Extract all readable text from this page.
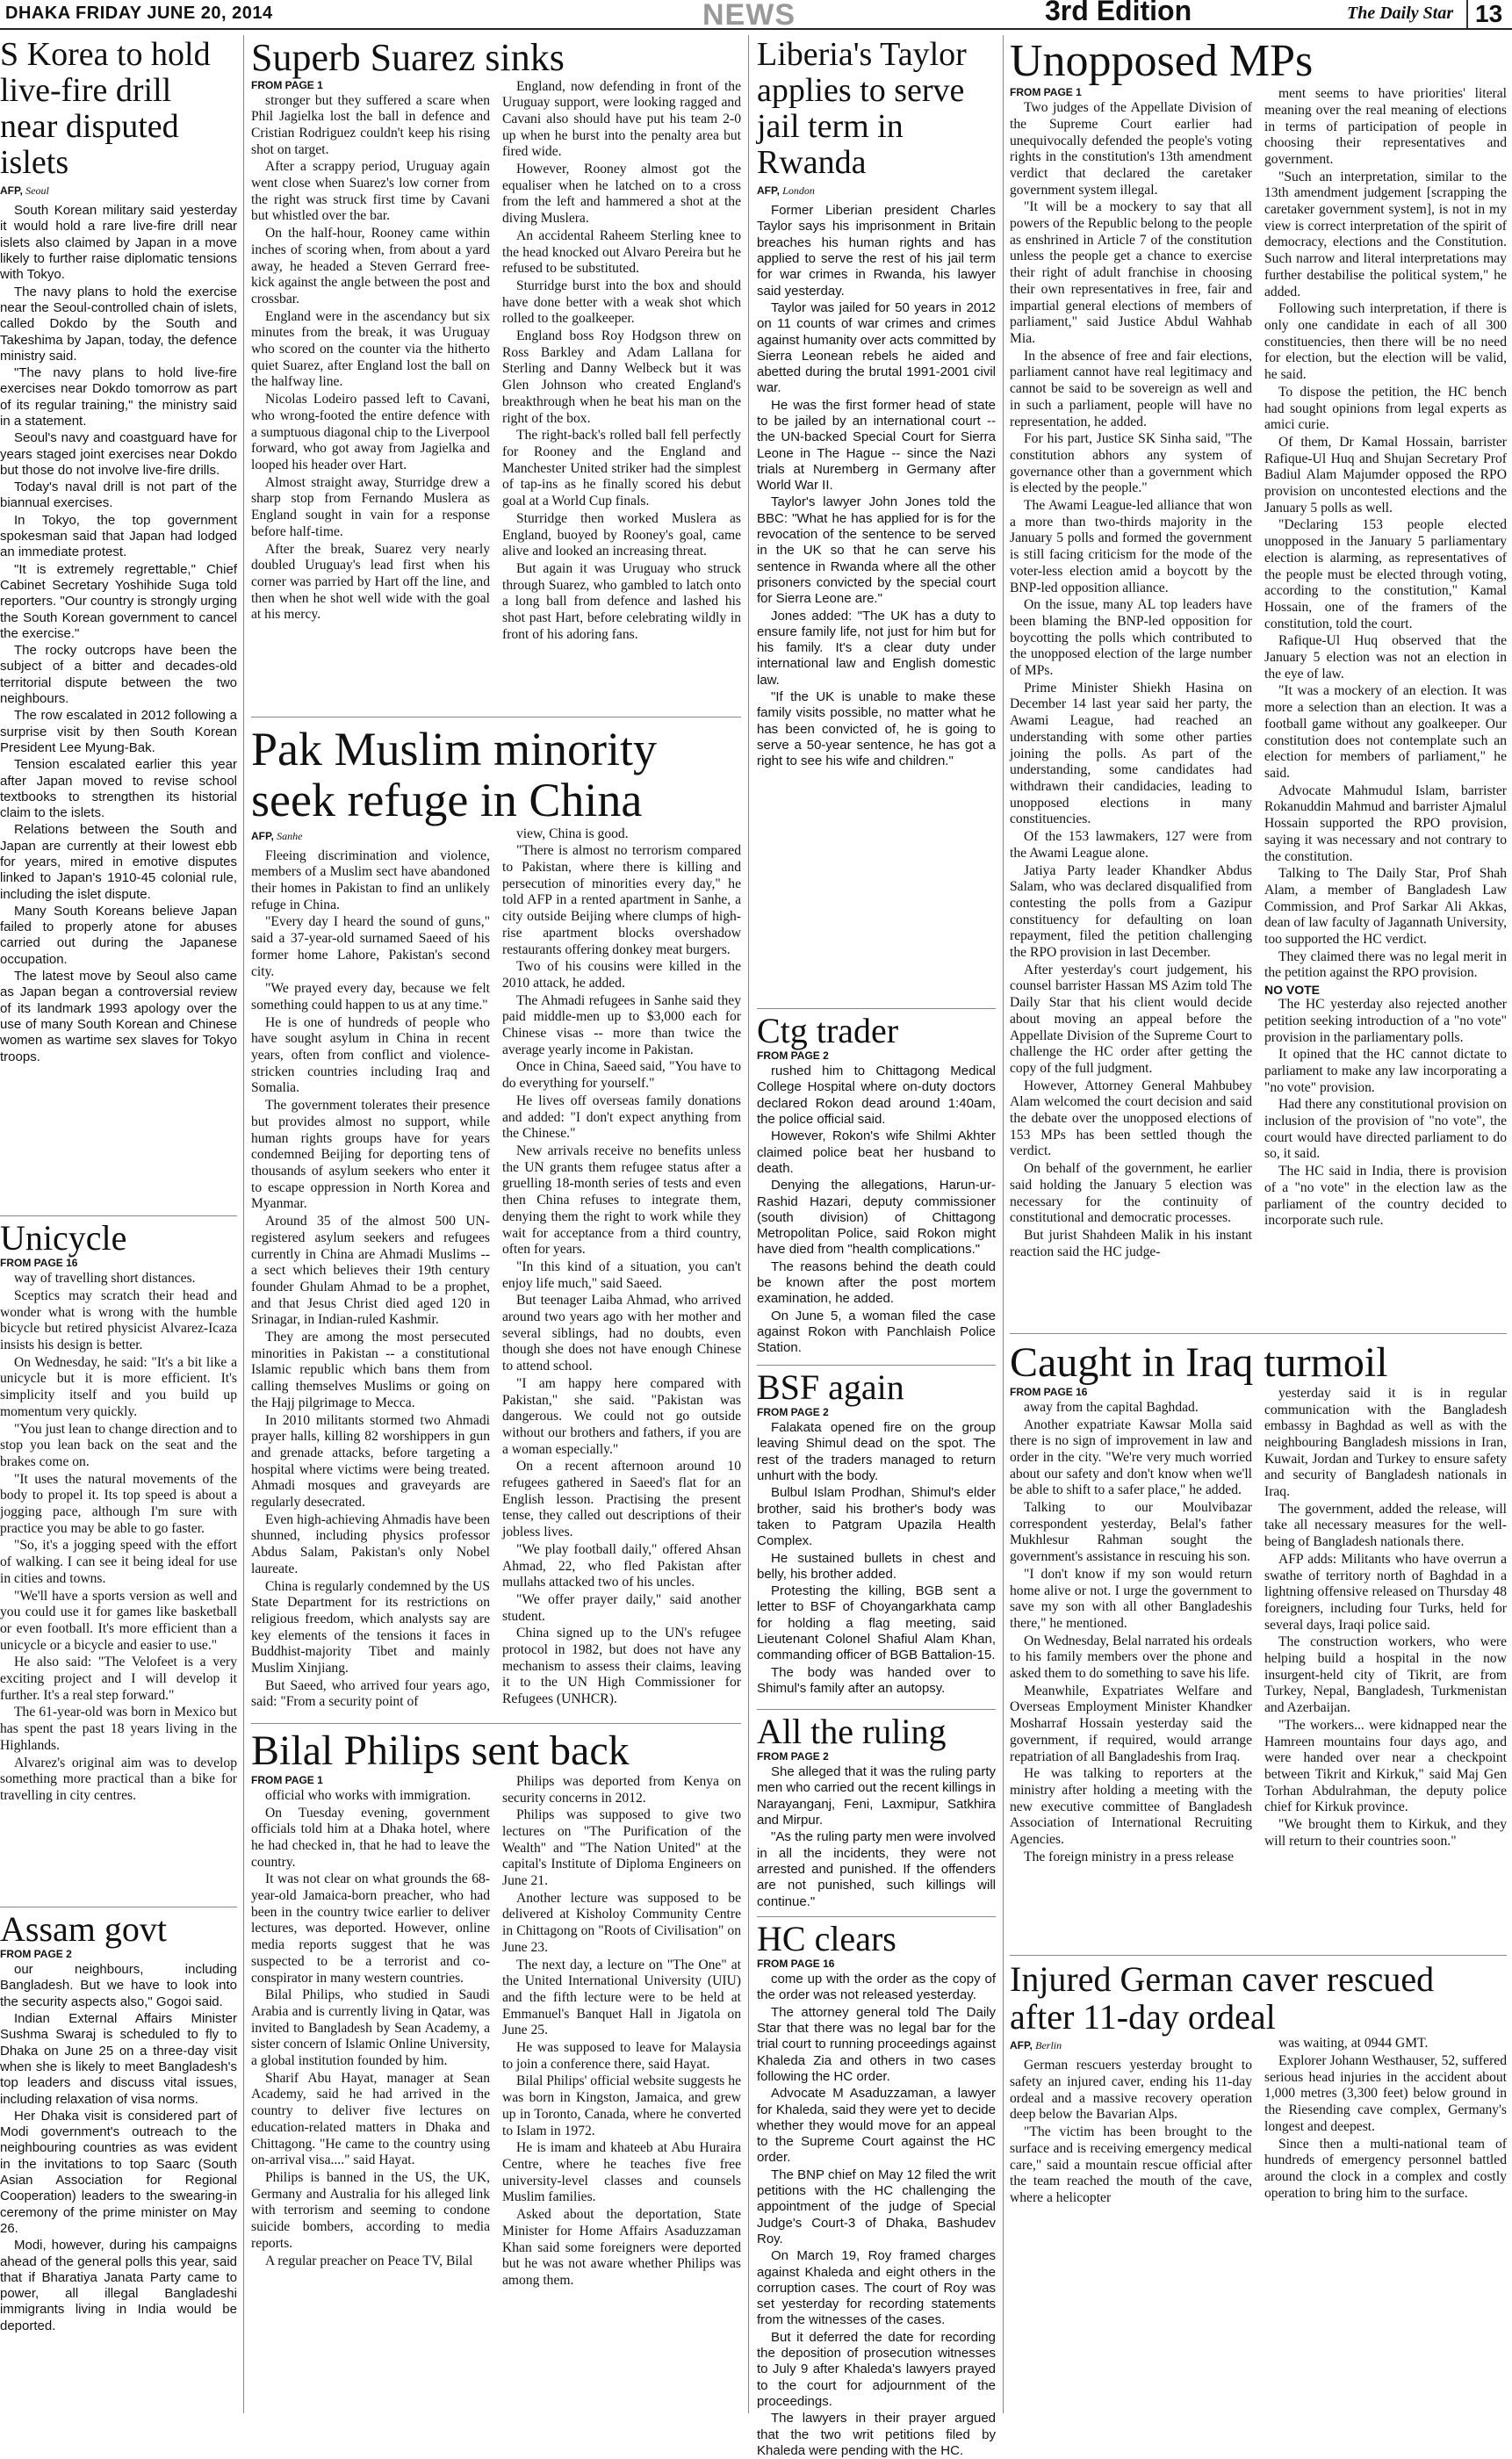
DHAKA FRIDAY JUNE 20, 2014	NEWS	3rd Edition	The Daily Star 13
S Korea to hold live-fire drill near disputed islets
AFP, Seoul

South Korean military said yesterday it would hold a rare live-fire drill near islets also claimed by Japan in a move likely to further raise diplomatic tensions with Tokyo.

The navy plans to hold the exercise near the Seoul-controlled chain of islets, called Dokdo by the South and Takeshima by Japan, today, the defence ministry said.

"The navy plans to hold live-fire exercises near Dokdo tomorrow as part of its regular training," the ministry said in a statement.

Seoul's navy and coastguard have for years staged joint exercises near Dokdo but those do not involve live-fire drills.

Today's naval drill is not part of the biannual exercises.

In Tokyo, the top government spokesman said that Japan had lodged an immediate protest.

"It is extremely regrettable," Chief Cabinet Secretary Yoshihide Suga told reporters. "Our country is strongly urging the South Korean government to cancel the exercise."

The rocky outcrops have been the subject of a bitter and decades-old territorial dispute between the two neighbours.

The row escalated in 2012 following a surprise visit by then South Korean President Lee Myung-Bak.

Tension escalated earlier this year after Japan moved to revise school textbooks to strengthen its historial claim to the islets.

Relations between the South and Japan are currently at their lowest ebb for years, mired in emotive disputes linked to Japan's 1910-45 colonial rule, including the islet dispute.

Many South Koreans believe Japan failed to properly atone for abuses carried out during the Japanese occupation.

The latest move by Seoul also came as Japan began a controversial review of its landmark 1993 apology over the use of many South Korean and Chinese women as wartime sex slaves for Tokyo troops.

Unicycle
FROM PAGE 16

way of travelling short distances.

Sceptics may scratch their head and wonder what is wrong with the humble bicycle but retired physicist Alvarez-Icaza insists his design is better.

On Wednesday, he said: "It's a bit like a unicycle but it is more efficient. It's simplicity itself and you build up momentum very quickly.

"You just lean to change direction and to stop you lean back on the seat and the brakes come on.

"It uses the natural movements of the body to propel it. Its top speed is about a jogging pace, although I'm sure with practice you may be able to go faster.

"So, it's a jogging speed with the effort of walking. I can see it being ideal for use in cities and towns.

"We'll have a sports version as well and you could use it for games like basketball or even football. It's more efficient than a unicycle or a bicycle and easier to use."

He also said: "The Velofeet is a very exciting project and I will develop it further. It's a real step forward."

The 61-year-old was born in Mexico but has spent the past 18 years living in the Highlands.

Alvarez's original aim was to develop something more practical than a bike for travelling in city centres.

Assam govt
FROM PAGE 2

our neighbours, including Bangladesh. But we have to look into the security aspects also," Gogoi said.

Indian External Affairs Minister Sushma Swaraj is scheduled to fly to Dhaka on June 25 on a three-day visit when she is likely to meet Bangladesh's top leaders and discuss vital issues, including relaxation of visa norms.

Her Dhaka visit is considered part of Modi government's outreach to the neighbouring countries as was evident in the invitations to top Saarc (South Asian Association for Regional Cooperation) leaders to the swearing-in ceremony of the prime minister on May 26.

Modi, however, during his campaigns ahead of the general polls this year, said that if Bharatiya Janata Party came to power, all illegal Bangladeshi immigrants living in India would be deported.

Superb Suarez sinks
FROM PAGE 1

stronger but they suffered a scare when Phil Jagielka lost the ball in defence and Cristian Rodriguez couldn't keep his rising shot on target.

After a scrappy period, Uruguay again went close when Suarez's low corner from the right was struck first time by Cavani but whistled over the bar.

On the half-hour, Rooney came within inches of scoring when, from about a yard away, he headed a Steven Gerrard free-kick against the angle between the post and crossbar.

England were in the ascendancy but six minutes from the break, it was Uruguay who scored on the counter via the hitherto quiet Suarez, after England lost the ball on the halfway line.

Nicolas Lodeiro passed left to Cavani, who wrong-footed the entire defence with a sumptuous diagonal chip to the Liverpool forward, who got away from Jagielka and looped his header over Hart.

Almost straight away, Sturridge drew a sharp stop from Fernando Muslera as England sought in vain for a response before half-time.

After the break, Suarez very nearly doubled Uruguay's lead first when his corner was parried by Hart off the line, and then when he shot well wide with the goal at his mercy.

England, now defending in front of the Uruguay support, were looking ragged and Cavani also should have put his team 2-0 up when he burst into the penalty area but fired wide.

However, Rooney almost got the equaliser when he latched on to a cross from the left and hammered a shot at the diving Muslera.

An accidental Raheem Sterling knee to the head knocked out Alvaro Pereira but he refused to be substituted.

Sturridge burst into the box and should have done better with a weak shot which rolled to the goalkeeper.

England boss Roy Hodgson threw on Ross Barkley and Adam Lallana for Sterling and Danny Welbeck but it was Glen Johnson who created England's breakthrough when he beat his man on the right of the box.

The right-back's rolled ball fell perfectly for Rooney and the England and Manchester United striker had the simplest of tap-ins as he finally scored his debut goal at a World Cup finals.

Sturridge then worked Muslera as England, buoyed by Rooney's goal, came alive and looked an increasing threat.

But again it was Uruguay who struck through Suarez, who gambled to latch onto a long ball from defence and lashed his shot past Hart, before celebrating wildly in front of his adoring fans.

Pak Muslim minority seek refuge in China
AFP, Sanhe

Fleeing discrimination and violence, members of a Muslim sect have abandoned their homes in Pakistan to find an unlikely refuge in China.

"Every day I heard the sound of guns," said a 37-year-old surnamed Saeed of his former home Lahore, Pakistan's second city.

"We prayed every day, because we felt something could happen to us at any time."

He is one of hundreds of people who have sought asylum in China in recent years, often from conflict and violence-stricken countries including Iraq and Somalia.

The government tolerates their presence but provides almost no support, while human rights groups have for years condemned Beijing for deporting tens of thousands of asylum seekers who enter it to escape oppression in North Korea and Myanmar.

Around 35 of the almost 500 UN-registered asylum seekers and refugees currently in China are Ahmadi Muslims -- a sect which believes their 19th century founder Ghulam Ahmad to be a prophet, and that Jesus Christ died aged 120 in Srinagar, in Indian-ruled Kashmir.

They are among the most persecuted minorities in Pakistan -- a constitutional Islamic republic which bans them from calling themselves Muslims or going on the Hajj pilgrimage to Mecca.

In 2010 militants stormed two Ahmadi prayer halls, killing 82 worshippers in gun and grenade attacks, before targeting a hospital where victims were being treated. Ahmadi mosques and graveyards are regularly desecrated.

Even high-achieving Ahmadis have been shunned, including physics professor Abdus Salam, Pakistan's only Nobel laureate.

China is regularly condemned by the US State Department for its restrictions on religious freedom, which analysts say are key elements of the tensions it faces in Buddhist-majority Tibet and mainly Muslim Xinjiang.

But Saeed, who arrived four years ago, said: "From a security point of

view, China is good.

"There is almost no terrorism compared to Pakistan, where there is killing and persecution of minorities every day," he told AFP in a rented apartment in Sanhe, a city outside Beijing where clumps of high-rise apartment blocks overshadow restaurants offering donkey meat burgers.

Two of his cousins were killed in the 2010 attack, he added.

The Ahmadi refugees in Sanhe said they paid middle-men up to $3,000 each for Chinese visas -- more than twice the average yearly income in Pakistan.

Once in China, Saeed said, "You have to do everything for yourself."

He lives off overseas family donations and added: "I don't expect anything from the Chinese."

New arrivals receive no benefits unless the UN grants them refugee status after a gruelling 18-month series of tests and even then China refuses to integrate them, denying them the right to work while they wait for acceptance from a third country, often for years.

"In this kind of a situation, you can't enjoy life much," said Saeed.

But teenager Laiba Ahmad, who arrived around two years ago with her mother and several siblings, had no doubts, even though she does not have enough Chinese to attend school.

"I am happy here compared with Pakistan," she said. "Pakistan was dangerous. We could not go outside without our brothers and fathers, if you are a woman especially."

On a recent afternoon around 10 refugees gathered in Saeed's flat for an English lesson. Practising the present tense, they called out descriptions of their jobless lives.

"We play football daily," offered Ahsan Ahmad, 22, who fled Pakistan after mullahs attacked two of his uncles.

"We offer prayer daily," said another student.

China signed up to the UN's refugee protocol in 1982, but does not have any mechanism to assess their claims, leaving it to the UN High Commissioner for Refugees (UNHCR).

Bilal Philips sent back
FROM PAGE 1

official who works with immigration.

On Tuesday evening, government officials told him at a Dhaka hotel, where he had checked in, that he had to leave the country.

It was not clear on what grounds the 68-year-old Jamaica-born preacher, who had been in the country twice earlier to deliver lectures, was deported. However, online media reports suggest that he was suspected to be a terrorist and co-conspirator in many western countries.

Bilal Philips, who studied in Saudi Arabia and is currently living in Qatar, was invited to Bangladesh by Sean Academy, a sister concern of Islamic Online University, a global institution founded by him.

Sharif Abu Hayat, manager at Sean Academy, said he had arrived in the country to deliver five lectures on education-related matters in Dhaka and Chittagong. "He came to the country using on-arrival visa...." said Hayat.

Philips is banned in the US, the UK, Germany and Australia for his alleged link with terrorism and seeming to condone suicide bombers, according to media reports.

A regular preacher on Peace TV, Bilal

Philips was deported from Kenya on security concerns in 2012.

Philips was supposed to give two lectures on "The Purification of the Wealth" and "The Nation United" at the capital's Institute of Diploma Engineers on June 21.

Another lecture was supposed to be delivered at Kisholoy Community Centre in Chittagong on "Roots of Civilisation" on June 23.

The next day, a lecture on "The One" at the United International University (UIU) and the fifth lecture were to be held at Emmanuel's Banquet Hall in Jigatola on June 25.

He was supposed to leave for Malaysia to join a conference there, said Hayat.

Bilal Philips' official website suggests he was born in Kingston, Jamaica, and grew up in Toronto, Canada, where he converted to Islam in 1972.

He is imam and khateeb at Abu Huraira Centre, where he teaches five free university-level classes and counsels Muslim families.

Asked about the deportation, State Minister for Home Affairs Asaduzzaman Khan said some foreigners were deported but he was not aware whether Philips was among them.

Liberia's Taylor applies to serve jail term in Rwanda
AFP, London

Former Liberian president Charles Taylor says his imprisonment in Britain breaches his human rights and has applied to serve the rest of his jail term for war crimes in Rwanda, his lawyer said yesterday.

Taylor was jailed for 50 years in 2012 on 11 counts of war crimes and crimes against humanity over acts committed by Sierra Leonean rebels he aided and abetted during the brutal 1991-2001 civil war.

He was the first former head of state to be jailed by an international court -- the UN-backed Special Court for Sierra Leone in The Hague -- since the Nazi trials at Nuremberg in Germany after World War II.

Taylor's lawyer John Jones told the BBC: "What he has applied for is for the revocation of the sentence to be served in the UK so that he can serve his sentence in Rwanda where all the other prisoners convicted by the special court for Sierra Leone are."

Jones added: "The UK has a duty to ensure family life, not just for him but for his family. It's a clear duty under international law and English domestic law.

"If the UK is unable to make these family visits possible, no matter what he has been convicted of, he is going to serve a 50-year sentence, he has got a right to see his wife and children."

Ctg trader
FROM PAGE 2

rushed him to Chittagong Medical College Hospital where on-duty doctors declared Rokon dead around 1:40am, the police official said.

However, Rokon's wife Shilmi Akhter claimed police beat her husband to death.

Denying the allegations, Harun-ur-Rashid Hazari, deputy commissioner (south division) of Chittagong Metropolitan Police, said Rokon might have died from "health complications."

The reasons behind the death could be known after the post mortem examination, he added.

On June 5, a woman filed the case against Rokon with Panchlaish Police Station.

BSF again
FROM PAGE 2

Falakata opened fire on the group leaving Shimul dead on the spot. The rest of the traders managed to return unhurt with the body.

Bulbul Islam Prodhan, Shimul's elder brother, said his brother's body was taken to Patgram Upazila Health Complex.

He sustained bullets in chest and belly, his brother added.

Protesting the killing, BGB sent a letter to BSF of Choyangarkhata camp for holding a flag meeting, said Lieutenant Colonel Shafiul Alam Khan, commanding officer of BGB Battalion-15.

The body was handed over to Shimul's family after an autopsy.

All the ruling
FROM PAGE 2

She alleged that it was the ruling party men who carried out the recent killings in Narayanganj, Feni, Laxmipur, Satkhira and Mirpur.

"As the ruling party men were involved in all the incidents, they were not arrested and punished. If the offenders are not punished, such killings will continue."

HC clears
FROM PAGE 16

come up with the order as the copy of the order was not released yesterday.

The attorney general told The Daily Star that there was no legal bar for the trial court to running proceedings against Khaleda Zia and others in two cases following the HC order.

Advocate M Asaduzzaman, a lawyer for Khaleda, said they were yet to decide whether they would move for an appeal to the Supreme Court against the HC order.

The BNP chief on May 12 filed the writ petitions with the HC challenging the appointment of the judge of Special Judge's Court-3 of Dhaka, Bashudev Roy.

On March 19, Roy framed charges against Khaleda and eight others in the corruption cases. The court of Roy was set yesterday for recording statements from the witnesses of the cases.

But it deferred the date for recording the deposition of prosecution witnesses to July 9 after Khaleda's lawyers prayed to the court for adjournment of the proceedings.

The lawyers in their prayer argued that the two writ petitions filed by Khaleda were pending with the HC.

Unopposed MPs
FROM PAGE 1

Two judges of the Appellate Division of the Supreme Court earlier had unequivocally defended the people's voting rights in the constitution's 13th amendment verdict that declared the caretaker government system illegal.

"It will be a mockery to say that all powers of the Republic belong to the people as enshrined in Article 7 of the constitution unless the people get a chance to exercise their right of adult franchise in choosing their own representatives in free, fair and impartial general elections of members of parliament," said Justice Abdul Wahhab Mia.

In the absence of free and fair elections, parliament cannot have real legitimacy and cannot be said to be sovereign as well and in such a parliament, people will have no representation, he added.

For his part, Justice SK Sinha said, "The constitution abhors any system of governance other than a government which is elected by the people."

The Awami League-led alliance that won a more than two-thirds majority in the January 5 polls and formed the government is still facing criticism for the mode of the voter-less election amid a boycott by the BNP-led opposition alliance.

On the issue, many AL top leaders have been blaming the BNP-led opposition for boycotting the polls which contributed to the unopposed election of the large number of MPs.

Prime Minister Shiekh Hasina on December 14 last year said her party, the Awami League, had reached an understanding with some other parties joining the polls. As part of the understanding, some candidates had withdrawn their candidacies, leading to unopposed elections in many constituencies.

Of the 153 lawmakers, 127 were from the Awami League alone.

Jatiya Party leader Khandker Abdus Salam, who was declared disqualified from contesting the polls from a Gazipur constituency for defaulting on loan repayment, filed the petition challenging the RPO provision in last December.

After yesterday's court judgement, his counsel barrister Hassan MS Azim told The Daily Star that his client would decide about moving an appeal before the Appellate Division of the Supreme Court to challenge the HC order after getting the copy of the full judgment.

However, Attorney General Mahbubey Alam welcomed the court decision and said the debate over the unopposed elections of 153 MPs has been settled though the verdict.

On behalf of the government, he earlier said holding the January 5 election was necessary for the continuity of constitutional and democratic processes.

But jurist Shahdeen Malik in his instant reaction said the HC judge-

ment seems to have priorities' literal meaning over the real meaning of elections in terms of participation of people in choosing their representatives and government.

"Such an interpretation, similar to the 13th amendment judgement [scrapping the caretaker government system], is not in my view is correct interpretation of the spirit of democracy, elections and the Constitution. Such narrow and literal interpretations may further destabilise the political system," he added.

Following such interpretation, if there is only one candidate in each of all 300 constituencies, then there will be no need for election, but the election will be valid, he said.

To dispose the petition, the HC bench had sought opinions from legal experts as amici curie.

Of them, Dr Kamal Hossain, barrister Rafique-Ul Huq and Shujan Secretary Prof Badiul Alam Majumder opposed the RPO provision on uncontested elections and the January 5 polls as well.

"Declaring 153 people elected unopposed in the January 5 parliamentary election is alarming, as representatives of the people must be elected through voting, according to the constitution," Kamal Hossain, one of the framers of the constitution, told the court.

Rafique-Ul Huq observed that the January 5 election was not an election in the eye of law.

"It was a mockery of an election. It was more a selection than an election. It was a football game without any goalkeeper. Our constitution does not contemplate such an election for members of parliament," he said.

Advocate Mahmudul Islam, barrister Rokanuddin Mahmud and barrister Ajmalul Hossain supported the RPO provision, saying it was necessary and not contrary to the constitution.

Talking to The Daily Star, Prof Shah Alam, a member of Bangladesh Law Commission, and Prof Sarkar Ali Akkas, dean of law faculty of Jagannath University, too supported the HC verdict.

They claimed there was no legal merit in the petition against the RPO provision.

NO VOTE

The HC yesterday also rejected another petition seeking introduction of a "no vote" provision in the parliamentary polls.

It opined that the HC cannot dictate to parliament to make any law incorporating a "no vote" provision.

Had there any constitutional provision on inclusion of the provision of "no vote", the court would have directed parliament to do so, it said.

The HC said in India, there is provision of a "no vote" in the election law as the parliament of the country decided to incorporate such rule.

Caught in Iraq turmoil
FROM PAGE 16

away from the capital Baghdad.

Another expatriate Kawsar Molla said there is no sign of improvement in law and order in the city. "We're very much worried about our safety and don't know when we'll be able to shift to a safer place," he added.

Talking to our Moulvibazar correspondent yesterday, Belal's father Mukhlesur Rahman sought the government's assistance in rescuing his son.

"I don't know if my son would return home alive or not. I urge the government to save my son with all other Bangladeshis there," he mentioned.

On Wednesday, Belal narrated his ordeals to his family members over the phone and asked them to do something to save his life.

Meanwhile, Expatriates Welfare and Overseas Employment Minister Khandker Mosharraf Hossain yesterday said the government, if required, would arrange repatriation of all Bangladeshis from Iraq.

He was talking to reporters at the ministry after holding a meeting with the new executive committee of Bangladesh Association of International Recruiting Agencies.

The foreign ministry in a press release

yesterday said it is in regular communication with the Bangladesh embassy in Baghdad as well as with the neighbouring Bangladesh missions in Iran, Kuwait, Jordan and Turkey to ensure safety and security of Bangladesh nationals in Iraq.

The government, added the release, will take all necessary measures for the well-being of Bangladesh nationals there.

AFP adds: Militants who have overrun a swathe of territory north of Baghdad in a lightning offensive released on Thursday 48 foreigners, including four Turks, held for several days, Iraqi police said.

The construction workers, who were helping build a hospital in the now insurgent-held city of Tikrit, are from Turkey, Nepal, Bangladesh, Turkmenistan and Azerbaijan.

"The workers... were kidnapped near the Hamreen mountains four days ago, and were handed over near a checkpoint between Tikrit and Kirkuk," said Maj Gen Torhan Abdulrahman, the deputy police chief for Kirkuk province.

"We brought them to Kirkuk, and they will return to their countries soon."

Injured German caver rescued after 11-day ordeal
AFP, Berlin

German rescuers yesterday brought to safety an injured caver, ending his 11-day ordeal and a massive recovery operation deep below the Bavarian Alps.

"The victim has been brought to the surface and is receiving emergency medical care," said a mountain rescue official after the team reached the mouth of the cave, where a helicopter

was waiting, at 0944 GMT.

Explorer Johann Westhauser, 52, suffered serious head injuries in the accident about 1,000 metres (3,300 feet) below ground in the Riesending cave complex, Germany's longest and deepest.

Since then a multi-national team of hundreds of emergency personnel battled around the clock in a complex and costly operation to bring him to the surface.
